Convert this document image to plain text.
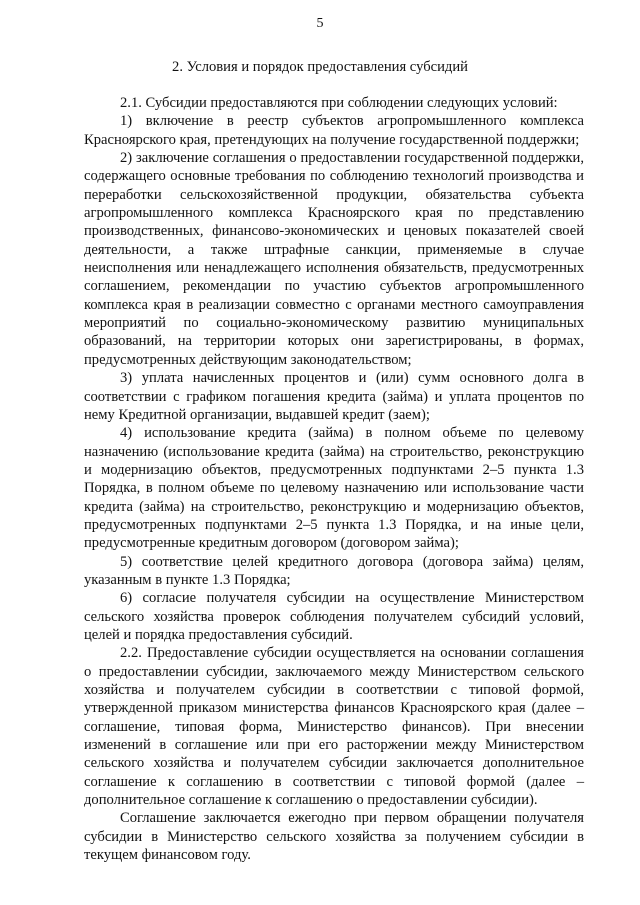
5
2. Условия и порядок предоставления субсидий

2.1. Субсидии предоставляются при соблюдении следующих условий:

1) включение в реестр субъектов агропромышленного комплекса Красноярского края, претендующих на получение государственной поддержки;

2) заключение соглашения о предоставлении государственной поддержки, содержащего основные требования по соблюдению технологий производства и переработки сельскохозяйственной продукции, обязательства субъекта агропромышленного комплекса Красноярского края по представлению производственных, финансово-экономических и ценовых показателей своей деятельности, а также штрафные санкции, применяемые в случае неисполнения или ненадлежащего исполнения обязательств, предусмотренных соглашением, рекомендации по участию субъектов агропромышленного комплекса края в реализации совместно с органами местного самоуправления мероприятий по социально-экономическому развитию муниципальных образований, на территории которых они зарегистрированы, в формах, предусмотренных действующим законодательством;

3) уплата начисленных процентов и (или) сумм основного долга в соответствии с графиком погашения кредита (займа) и уплата процентов по нему Кредитной организации, выдавшей кредит (заем);

4) использование кредита (займа) в полном объеме по целевому назначению (использование кредита (займа) на строительство, реконструкцию и модернизацию объектов, предусмотренных подпунктами 2–5 пункта 1.3 Порядка, в полном объеме по целевому назначению или использование части кредита (займа) на строительство, реконструкцию и модернизацию объектов, предусмотренных подпунктами 2–5 пункта 1.3 Порядка, и на иные цели, предусмотренные кредитным договором (договором займа);

5) соответствие целей кредитного договора (договора займа) целям, указанным в пункте 1.3 Порядка;

6) согласие получателя субсидии на осуществление Министерством сельского хозяйства проверок соблюдения получателем субсидий условий, целей и порядка предоставления субсидий.

2.2. Предоставление субсидии осуществляется на основании соглашения о предоставлении субсидии, заключаемого между Министерством сельского хозяйства и получателем субсидии в соответствии с типовой формой, утвержденной приказом министерства финансов Красноярского края (далее – соглашение, типовая форма, Министерство финансов). При внесении изменений в соглашение или при его расторжении между Министерством сельского хозяйства и получателем субсидии заключается дополнительное соглашение к соглашению в соответствии с типовой формой (далее – дополнительное соглашение к соглашению о предоставлении субсидии).

Соглашение заключается ежегодно при первом обращении получателя субсидии в Министерство сельского хозяйства за получением субсидии в текущем финансовом году.
